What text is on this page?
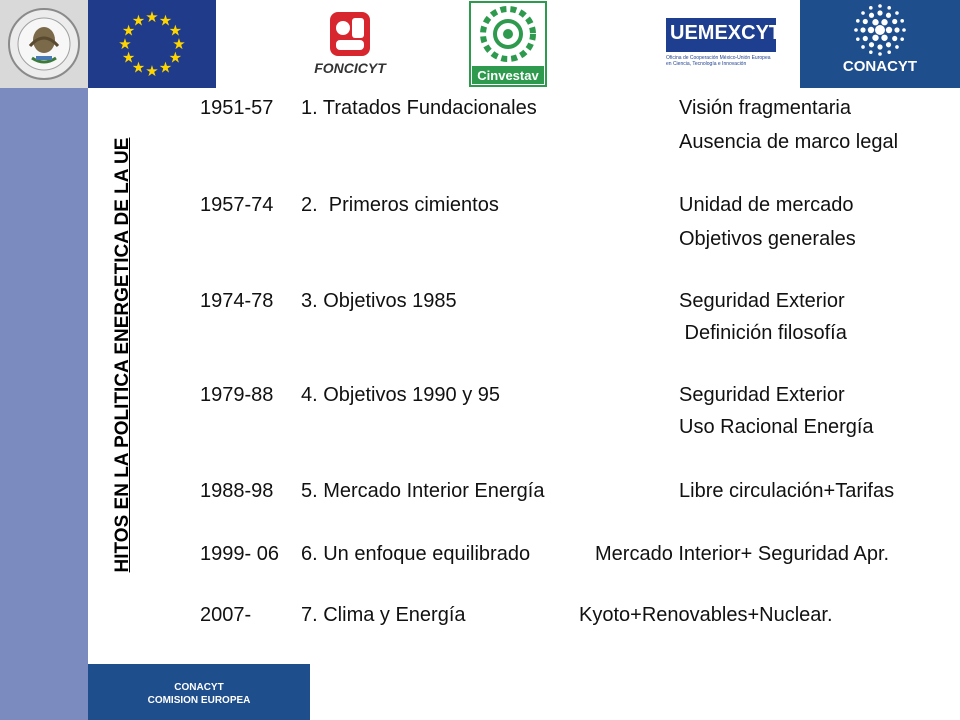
★ ★
★
★
★
★
★
★
★
★
★
★
FONCICYT	Cinvestav
UEMEXCYT$^2$
Oficina de Cooperación México-Unión Europea en Ciencia, Tecnología e Innovación	CONACYT
HITOS EN LA POLITICA ENERGETICA DE LA UE
1951-57 1. Tratados Fundacionales	Visión fragmentaria
Ausencia de marco legal
1957-74 2.  Primeros cimientos	Unidad de mercado
Objetivos generales
1974-78 3. Objetivos 1985	Seguridad Exterior
Definición filosofía
1979-88 4. Objetivos 1990 y 95	Seguridad Exterior
Uso Racional Energía
1988-98 5. Mercado Interior Energía	Libre circulación+Tarifas
1999- 06 6. Un enfoque equilibrado	Mercado Interior+ Seguridad Apr.
2007- 7. Clima y Energía	Kyoto+Renovables+Nuclear.
CONACYT
COMISION EUROPEA
